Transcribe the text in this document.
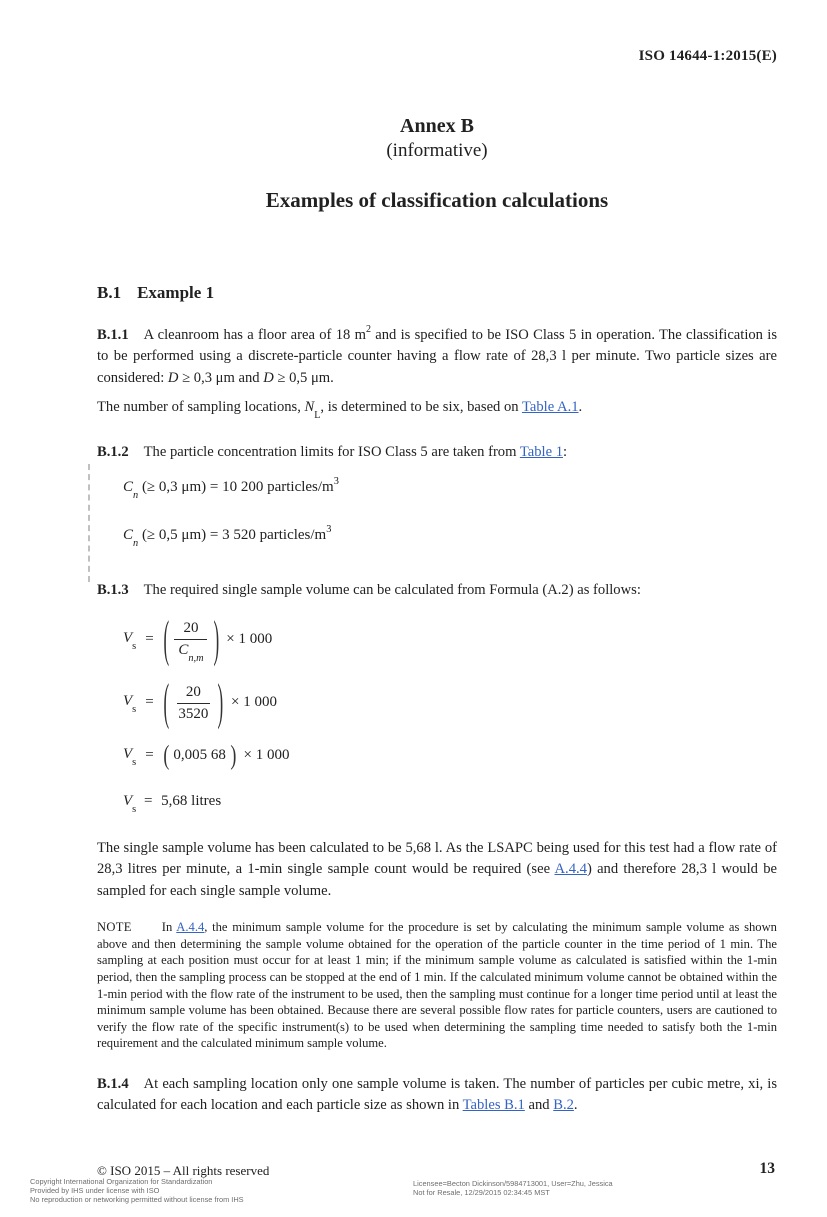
ISO 14644-1:2015(E)
Annex B
(informative)
Examples of classification calculations
B.1 Example 1

B.1.1 A cleanroom has a floor area of 18 $m^2$ and is specified to be ISO Class 5 in operation. The classification is to be performed using a discrete-particle counter having a flow rate of 28,3 l per minute. Two particle sizes are considered: D ≥ 0,3 μm and D ≥ 0,5 μm.

The number of sampling locations, $N_L$, is determined to be six, based on Table A.1.

B.1.2 The particle concentration limits for ISO Class 5 are taken from Table 1:

$C_n$ (≥ 0,3 μm) = 10 200 particles/$m^3$
$C_n$ (≥ 0,5 μm) = 3 520 particles/$m^3$

B.1.3 The required single sample volume can be calculated from Formula (A.2) as follows:

$V_s$ = ( $\frac{20}{C_{n,m}}$ ) × 1 000
$V_s$ = ( $\frac{20}{3520}$ ) × 1 000
$V_s$ = ( 0,005 68 ) × 1 000
$V_s = 5,68$ litres

The single sample volume has been calculated to be 5,68 l. As the LSAPC being used for this test had a flow rate of 28,3 litres per minute, a 1-min single sample count would be required (see A.4.4) and therefore 28,3 l would be sampled for each single sample volume.

NOTE In A.4.4, the minimum sample volume for the procedure is set by calculating the minimum sample volume as shown above and then determining the sample volume obtained for the operation of the particle counter in the time period of 1 min. The sampling at each position must occur for at least 1 min; if the minimum sample volume as calculated is satisfied within the 1-min period, then the sampling process can be stopped at the end of 1 min. If the calculated minimum volume cannot be obtained within the 1-min period with the flow rate of the instrument to be used, then the sampling must continue for a longer time period until at least the minimum sample volume has been obtained. Because there are several possible flow rates for particle counters, users are cautioned to verify the flow rate of the specific instrument(s) to be used when determining the sampling time needed to satisfy both the 1-min requirement and the calculated minimum sample volume.

B.1.4 At each sampling location only one sample volume is taken. The number of particles per cubic metre, xi, is calculated for each location and each particle size as shown in Tables B.1 and B.2.

© ISO 2015 – All rights reserved	13
Copyright International Organization for Standardization
Provided by IHS under license with ISO
No reproduction or networking permitted without license from IHS
Licensee=Becton Dickinson/5984713001, User=Zhu, Jessica
Not for Resale, 12/29/2015 02:34:45 MST
